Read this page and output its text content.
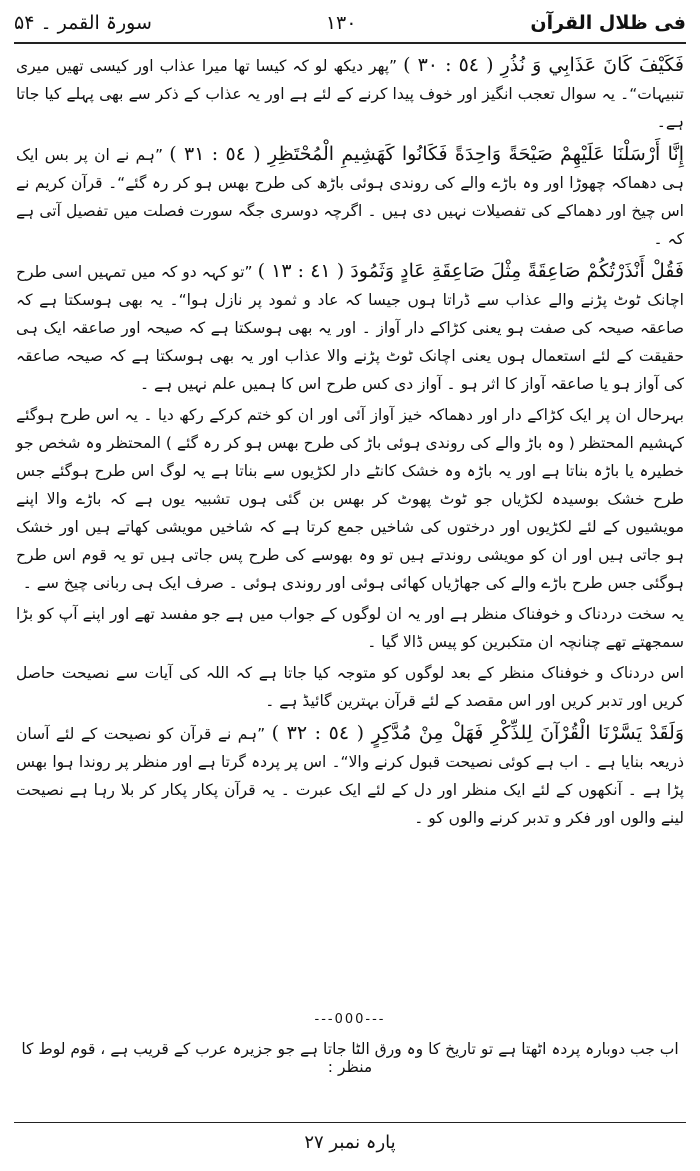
فی ظلال القرآن
١٣٠
سورۃ القمر ۔ ۵۴

فَكَيْفَ كَانَ عَذَابِي وَ نُذُرِ ( ٥٤ : ٣٠ ) ”پھر دیکھ لو کہ کیسا تھا میرا عذاب اور کیسی تھیں میری تنبیہات“۔ یہ سوال تعجب انگیز اور خوف پیدا کرنے کے لئے ہے اور یہ عذاب کے ذکر سے بھی پہلے کیا جاتا ہے۔

إِنَّا أَرْسَلْنَا عَلَيْهِمْ صَيْحَةً وَاحِدَةً فَكَانُوا كَهَشِيمِ الْمُحْتَظِرِ ( ٥٤ : ٣١ ) ”ہم نے ان پر بس ایک ہی دھماکہ چھوڑا اور وہ باڑے والے کی روندی ہوئی باڑھ کی طرح بھس ہو کر رہ گئے“۔ قرآن کریم نے اس چیخ اور دھماکے کی تفصیلات نہیں دی ہیں ۔ اگرچہ دوسری جگہ سورت فصلت میں تفصیل آتی ہے کہ ۔

فَقُلْ أَنْذَرْتُكُمْ صَاعِقَةً مِثْلَ صَاعِقَةِ عَادٍ وَثَمُودَ ( ٤١ : ١٣ ) ”تو کہہ دو کہ میں تمہیں اسی طرح اچانک ٹوٹ پڑنے والے عذاب سے ڈراتا ہوں جیسا کہ عاد و ثمود پر نازل ہوا“۔ یہ بھی ہوسکتا ہے کہ صاعقہ صیحہ کی صفت ہو یعنی کڑاکے دار آواز ۔ اور یہ بھی ہوسکتا ہے کہ صیحہ اور صاعقہ ایک ہی حقیقت کے لئے استعمال ہوں یعنی اچانک ٹوٹ پڑنے والا عذاب اور یہ بھی ہوسکتا ہے کہ صیحہ صاعقہ کی آواز ہو یا صاعقہ آواز کا اثر ہو ۔ آواز دی کس طرح اس کا ہمیں علم نہیں ہے ۔

بہرحال ان پر ایک کڑاکے دار اور دھماکہ خیز آواز آئی اور ان کو ختم کرکے رکھ دیا ۔ یہ اس طرح ہوگئے کہشیم المحتظر ( وہ باڑ والے کی روندی ہوئی باڑ کی طرح بھس ہو کر رہ گئے ) المحتظر وہ شخص جو خطیرہ یا باڑہ بناتا ہے اور یہ باڑہ وہ خشک کانٹے دار لکڑیوں سے بناتا ہے یہ لوگ اس طرح ہوگئے جس طرح خشک بوسیدہ لکڑیاں جو ٹوٹ پھوٹ کر بھس بن گئی ہوں تشبیہ یوں ہے کہ باڑے والا اپنے مویشیوں کے لئے لکڑیوں اور درختوں کی شاخیں جمع کرتا ہے کہ شاخیں مویشی کھاتے ہیں اور خشک ہو جاتی ہیں اور ان کو مویشی روندتے ہیں تو وہ بھوسے کی طرح پس جاتی ہیں تو یہ قوم اس طرح ہوگئی جس طرح باڑے والے کی جھاڑیاں کھائی ہوئی اور روندی ہوئی ۔ صرف ایک ہی ربانی چیخ سے ۔

یہ سخت دردناک و خوفناک منظر ہے اور یہ ان لوگوں کے جواب میں ہے جو مفسد تھے اور اپنے آپ کو بڑا سمجھتے تھے چنانچہ ان متکبرین کو پیس ڈالا گیا ۔

اس دردناک و خوفناک منظر کے بعد لوگوں کو متوجہ کیا جاتا ہے کہ اللہ کی آیات سے نصیحت حاصل کریں اور تدبر کریں اور اس مقصد کے لئے قرآن بہترین گائیڈ ہے ۔

وَلَقَدْ يَسَّرْنَا الْقُرْآنَ لِلذِّكْرِ فَهَلْ مِنْ مُدَّكِرٍ ( ٥٤ : ٣٢ ) ”ہم نے قرآن کو نصیحت کے لئے آسان ذریعہ بنایا ہے ۔ اب ہے کوئی نصیحت قبول کرنے والا“۔ اس پر پردہ گرتا ہے اور منظر پر روندا ہوا بھس پڑا ہے ۔ آنکھوں کے لئے ایک منظر اور دل کے لئے ایک عبرت ۔ یہ قرآن پکار پکار کر بلا رہا ہے نصیحت لینے والوں اور فکر و تدبر کرنے والوں کو ۔

---000---
اب جب دوبارہ پردہ اٹھتا ہے تو تاریخ کا وہ ورق الٹا جاتا ہے جو جزیرہ عرب کے قریب ہے ، قوم لوط کا منظر :
پارہ نمبر ٢٧
